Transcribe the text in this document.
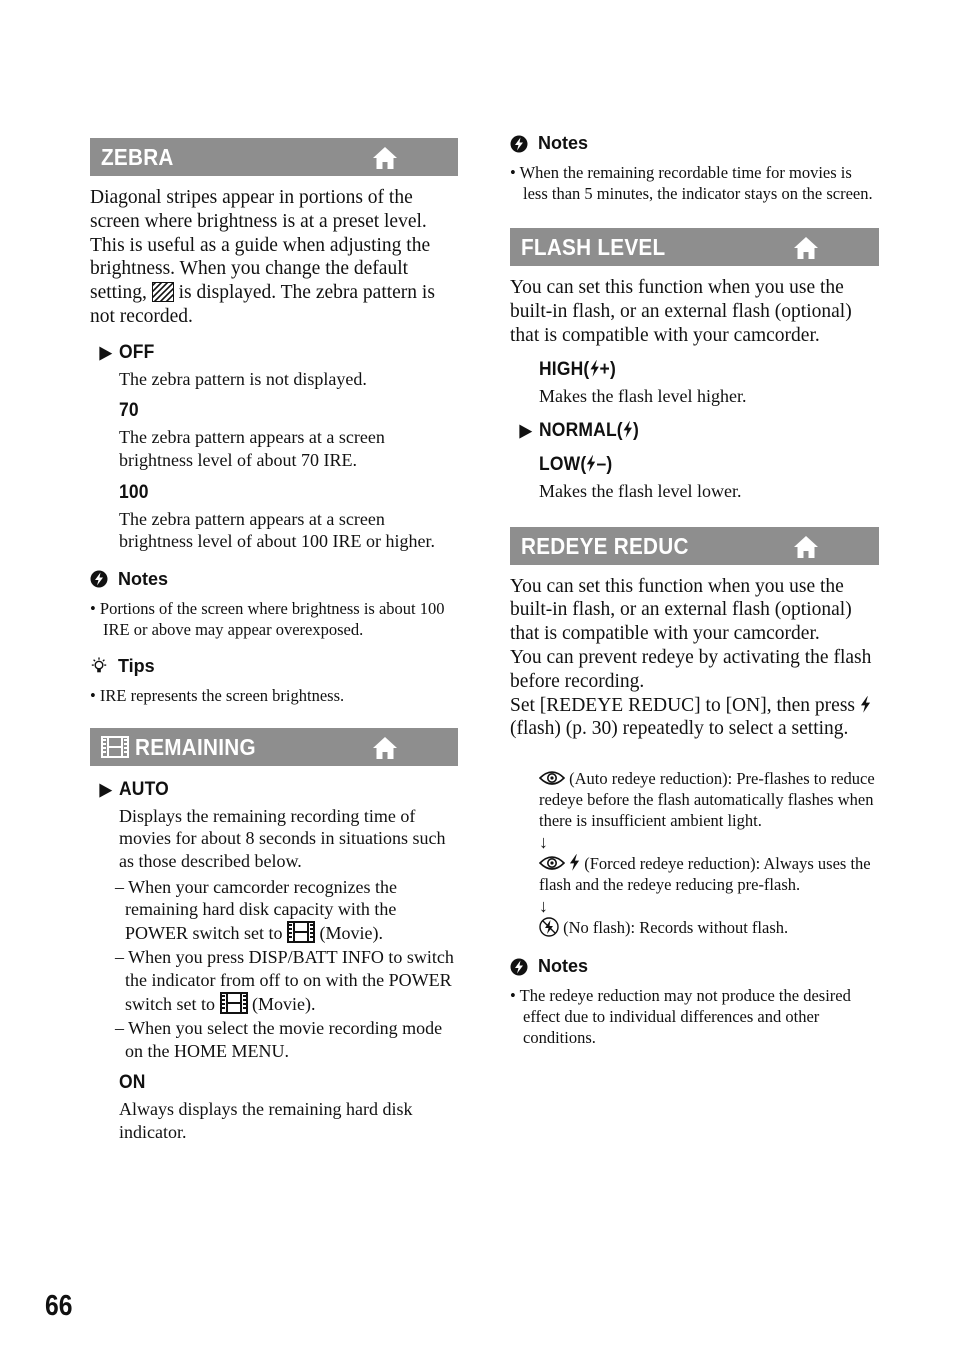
ZEBRA

Diagonal stripes appear in portions of the screen where brightness is at a preset level. This is useful as a guide when adjusting the brightness. When you change the default setting, is displayed. The zebra pattern is not recorded.

▶ OFF

The zebra pattern is not displayed.

70

The zebra pattern appears at a screen brightness level of about 70 IRE.

100

The zebra pattern appears at a screen brightness level of about 100 IRE or higher.

Notes

• Portions of the screen where brightness is about 100 IRE or above may appear overexposed.

Tips

• IRE represents the screen brightness.

REMAINING

▶ AUTO

Displays the remaining recording time of movies for about 8 seconds in situations such as those described below.

– When your camcorder recognizes the remaining hard disk capacity with the POWER switch set to (Movie).
– When you press DISP/BATT INFO to switch the indicator from off to on with the POWER switch set to (Movie).
– When you select the movie recording mode on the HOME MENU.

ON

Always displays the remaining hard disk indicator.

Notes

• When the remaining recordable time for movies is less than 5 minutes, the indicator stays on the screen.

FLASH LEVEL

You can set this function when you use the built-in flash, or an external flash (optional) that is compatible with your camcorder.

HIGH( +)

Makes the flash level higher.

▶ NORMAL( )

LOW( –)

Makes the flash level lower.

REDEYE REDUC

You can set this function when you use the built-in flash, or an external flash (optional) that is compatible with your camcorder.

You can prevent redeye by activating the flash before recording.

Set [REDEYE REDUC] to [ON], then press  (flash) (p. 30) repeatedly to select a setting.

(Auto redeye reduction): Pre-flashes to reduce redeye before the flash automatically flashes when there is insufficient ambient light.

↓

(Forced redeye reduction): Always uses the flash and the redeye reducing pre-flash.

↓

(No flash): Records without flash.

Notes

• The redeye reduction may not produce the desired effect due to individual differences and other conditions.

66
